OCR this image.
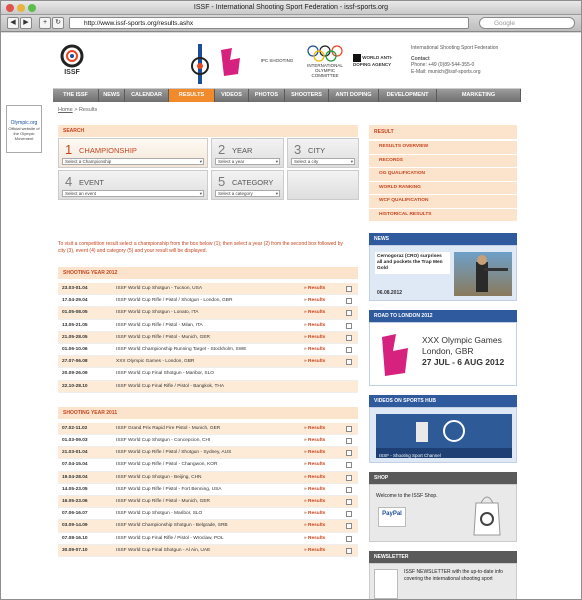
ISSF - International Shooting Sport Federation - issf-sports.org
◀	▶	+	↻	http://www.issf-sports.org/results.ashx	Google
Olympic.org
Official website of the Olympic Movement
ISSF
IPC SHOOTING
INTERNATIONAL OLYMPIC COMMITTEE
WORLD ANTI-DOPING AGENCY
International Shooting Sport Federation
Contact
Phone: +49 (0)89-544-355-0
E-Mail: munich@issf-sports.org
THE ISSF	NEWS	CALENDAR	RESULTS	VIDEOS	PHOTOS	SHOOTERS	ANTI DOPING	DEVELOPMENT	MARKETING
Home > Results
SEARCH
1 CHAMPIONSHIP
Select a Championship ▾
2 YEAR
Select a year ▾
3 CITY
Select a city ▾
4 EVENT
Select an event ▾
5 CATEGORY
Select a category ▾
To visit a competition result select a championship from the box below (1); then select a year (2) from the second box followed by city (3), event (4) and category (5) and your result will be displayed.
SHOOTING YEAR 2012
23.03-01.04	ISSF World Cup Shotgun - Tucson, USA	» Results
17.04-29.04	ISSF World Cup Rifle / Pistol / Shotgun - London, GBR	» Results
01.05-08.05	ISSF World Cup Shotgun - Lonato, ITA	» Results
13.05-21.05	ISSF World Cup Rifle / Pistol - Milan, ITA	» Results
21.05-28.05	ISSF World Cup Rifle / Pistol - Munich, GER	» Results
01.06-10.06	ISSF World Championship Running Target - Stockholm, SWE	» Results
27.07-06.08	XXX Olympic Games - London, GBR	» Results
20.09-26.09	ISSF World Cup Final Shotgun - Maribor, SLO
22.10-28.10	ISSF World Cup Final Rifle / Pistol - Bangkok, THA
SHOOTING YEAR 2011
07.02-11.02	ISSF Grand Prix Rapid Fire Pistol - Munich, GER	» Results
01.03-09.03	ISSF World Cup Shotgun - Concepcion, CHI	» Results
21.03-01.04	ISSF World Cup Rifle / Pistol / Shotgun - Sydney, AUS	» Results
07.04-15.04	ISSF World Cup Rifle / Pistol - Changwon, KOR	» Results
19.04-28.04	ISSF World Cup Shotgun - Beijing, CHN	» Results
14.05-23.05	ISSF World Cup Rifle / Pistol - Fort Benning, USA	» Results
16.05-23.06	ISSF World Cup Rifle / Pistol - Munich, GER	» Results
07.06-16.07	ISSF World Cup Shotgun - Maribor, SLO	» Results
03.09-14.09	ISSF World Championship Shotgun - Belgrade, SRB	» Results
07.08-16.10	ISSF World Cup Final Rifle / Pistol - Wroclaw, POL	» Results
30.09-07.10	ISSF World Cup Final Shotgun - Al Ain, UAE	» Results
RESULT
RESULTS OVERVIEW
RECORDS
OG QUALIFICATION
WORLD RANKING
WCF QUALIFICATION
HISTORICAL RESULTS
NEWS
Cernogoraz (CRO) surprises all and pockets the Trap Men Gold
06.08.2012
ROAD TO LONDON 2012
XXX Olympic Games
London, GBR
27 JUL - 6 AUG 2012
VIDEOS ON SPORTS HUB
ISSF - Shooting Sport Channel
SHOP
Welcome to the ISSF Shop.
PayPal
NEWSLETTER
ISSF NEWSLETTER with the up-to-date info covering the international shooting sport
